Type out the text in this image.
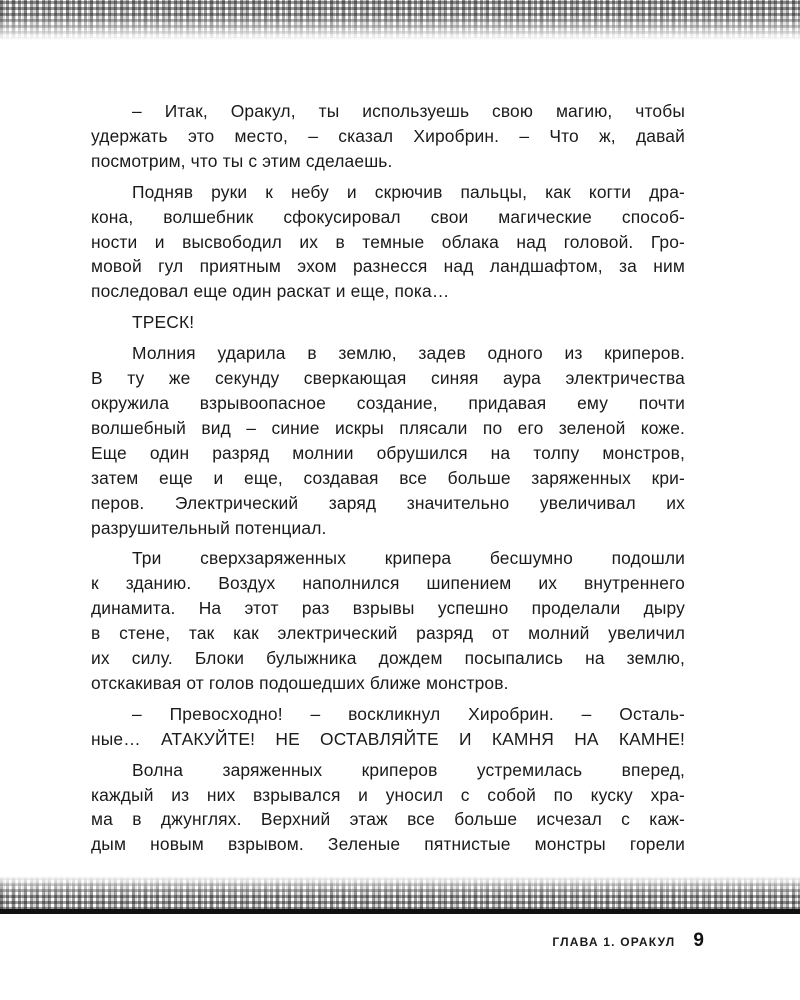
– Итак, Оракул, ты используешь свою магию, чтобы
удержать это место, – сказал Хиробрин. – Что ж, давай
посмотрим, что ты с этим сделаешь.

Подняв руки к небу и скрючив пальцы, как когти дра-
кона, волшебник сфокусировал свои магические способ-
ности и высвободил их в темные облака над головой. Гро-
мовой гул приятным эхом разнесся над ландшафтом, за ним
последовал еще один раскат и еще, пока…

ТРЕСК!

Молния ударила в землю, задев одного из криперов.
В ту же секунду сверкающая синяя аура электричества
окружила взрывоопасное создание, придавая ему почти
волшебный вид – синие искры плясали по его зеленой коже.
Еще один разряд молнии обрушился на толпу монстров,
затем еще и еще, создавая все больше заряженных кри-
перов. Электрический заряд значительно увеличивал их
разрушительный потенциал.

Три сверхзаряженных крипера бесшумно подошли
к зданию. Воздух наполнился шипением их внутреннего
динамита. На этот раз взрывы успешно проделали дыру
в стене, так как электрический разряд от молний увеличил
их силу. Блоки булыжника дождем посыпались на землю,
отскакивая от голов подошедших ближе монстров.

– Превосходно! – воскликнул Хиробрин. – Осталь-
ные… АТАКУЙТЕ! НЕ ОСТАВЛЯЙТЕ И КАМНЯ НА КАМНЕ!

Волна заряженных криперов устремилась вперед,
каждый из них взрывался и уносил с собой по куску хра-
ма в джунглях. Верхний этаж все больше исчезал с каж-
дым новым взрывом. Зеленые пятнистые монстры горели

ГЛАВА 1. ОРАКУЛ 9
